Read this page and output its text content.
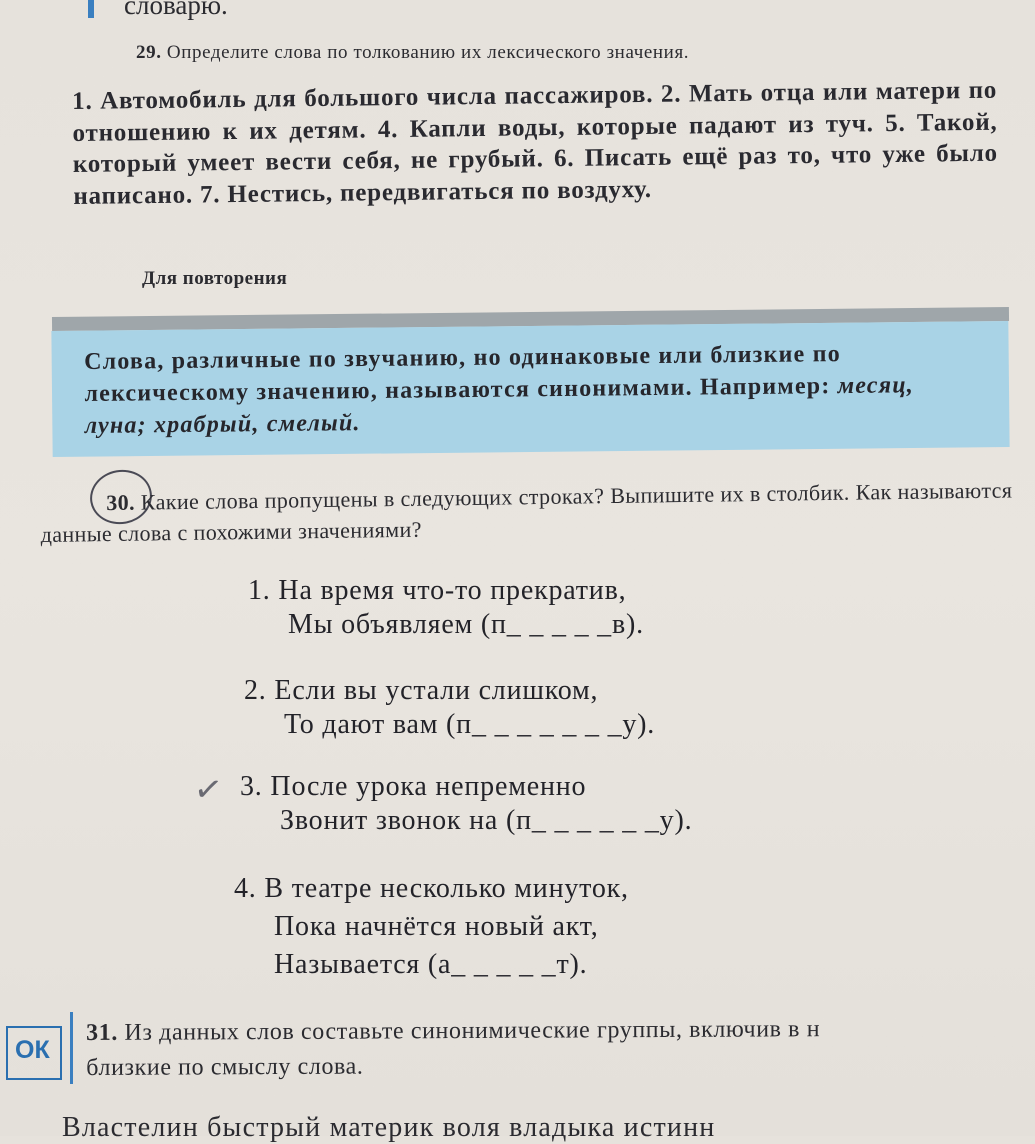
словарю.
29. Определите слова по толкованию их лексического значения.
1. Автомобиль для большого числа пассажиров. 2. Мать отца или матери по отношению к их детям. 4. Капли воды, которые падают из туч. 5. Такой, который умеет вести себя, не грубый. 6. Писать ещё раз то, что уже было написано. 7. Нестись, передвигаться по воздуху.
Для повторения
Слова, различные по звучанию, но одинаковые или близкие по лексическому значению, называются синонимами. Например: месяц, луна; храбрый, смелый.
30. Какие слова пропущены в следующих строках? Выпишите их в столбик. Как называются данные слова с похожими значениями?
1. На время что-то прекратив,
Мы объявляем (п_ _ _ _ _в).
2. Если вы устали слишком,
То дают вам (п_ _ _ _ _ _ _у).
3. После урока непременно
Звонит звонок на (п_ _ _ _ _ _у).
4. В театре несколько минуток,
Пока начнётся новый акт,
Называется (а_ _ _ _ _т).
✓
ОК
31. Из данных слов составьте синонимические группы, включив в н
близкие по смыслу слова.
Властелин быстрый материк воля владыка истинн
